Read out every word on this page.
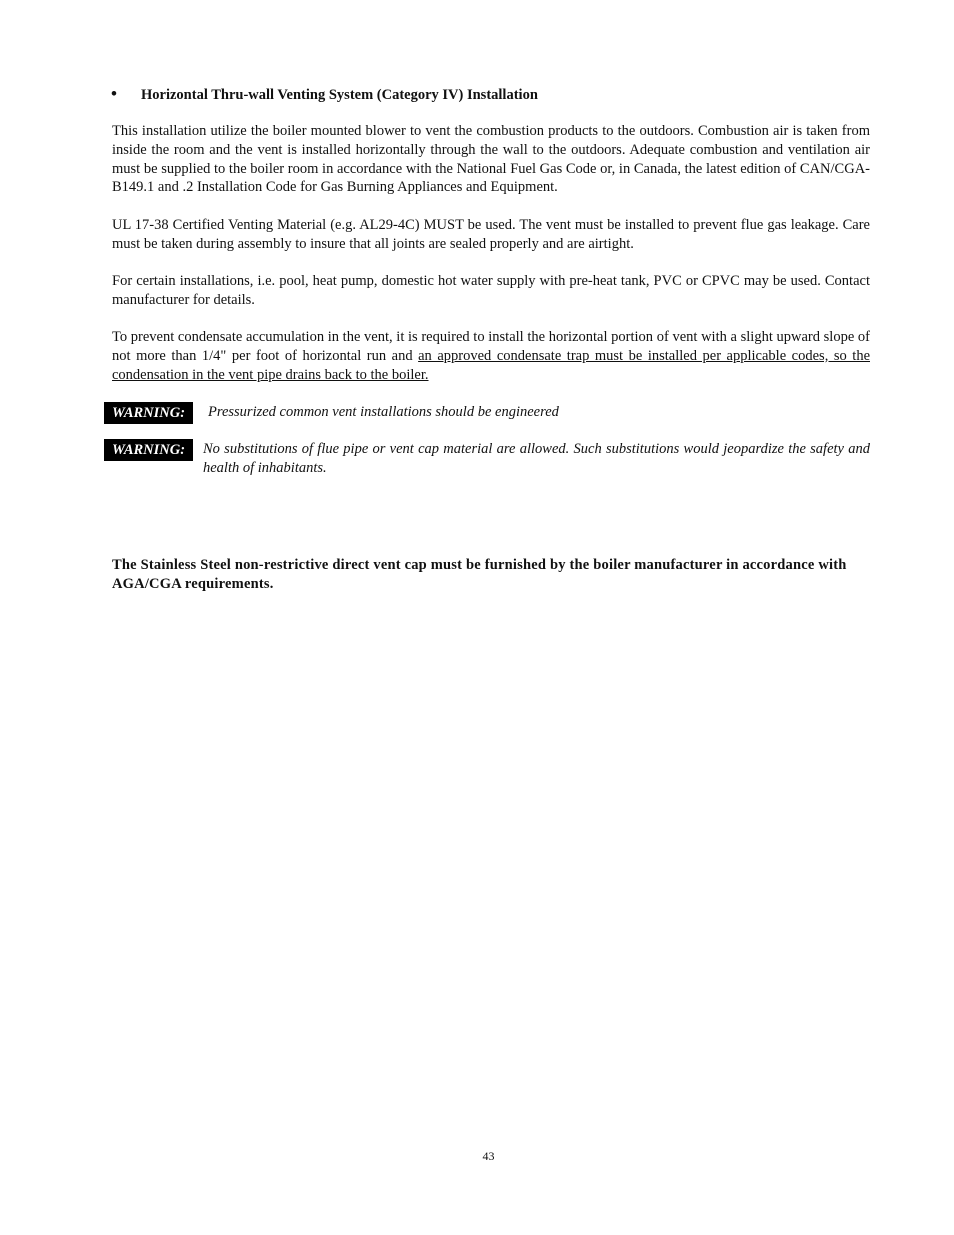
• Horizontal Thru-wall Venting System (Category IV) Installation

This installation utilize the boiler mounted blower to vent the combustion products to the outdoors. Combustion air is taken from inside the room and the vent is installed horizontally through the wall to the outdoors. Adequate combustion and ventilation air must be supplied to the boiler room in accordance with the National Fuel Gas Code or, in Canada, the latest edition of CAN/CGA-B149.1 and .2 Installation Code for Gas Burning Appliances and Equipment.

UL 17-38 Certified Venting Material (e.g. AL29-4C) MUST be used. The vent must be installed to prevent flue gas leakage. Care must be taken during assembly to insure that all joints are sealed properly and are airtight.

For certain installations, i.e. pool, heat pump, domestic hot water supply with pre-heat tank, PVC or CPVC may be used. Contact manufacturer for details.

To prevent condensate accumulation in the vent, it is required to install the horizontal portion of vent with a slight upward slope of not more than 1/4" per foot of horizontal run and an approved condensate trap must be installed per applicable codes, so the condensation in the vent pipe drains back to the boiler.

WARNING:	Pressurized common vent installations should be engineered
WARNING:	No substitutions of flue pipe or vent cap material are allowed. Such substitutions would jeopardize the safety and health of inhabitants.
The Stainless Steel non-restrictive direct vent cap must be furnished by the boiler manufacturer in accordance with AGA/CGA requirements.
43
